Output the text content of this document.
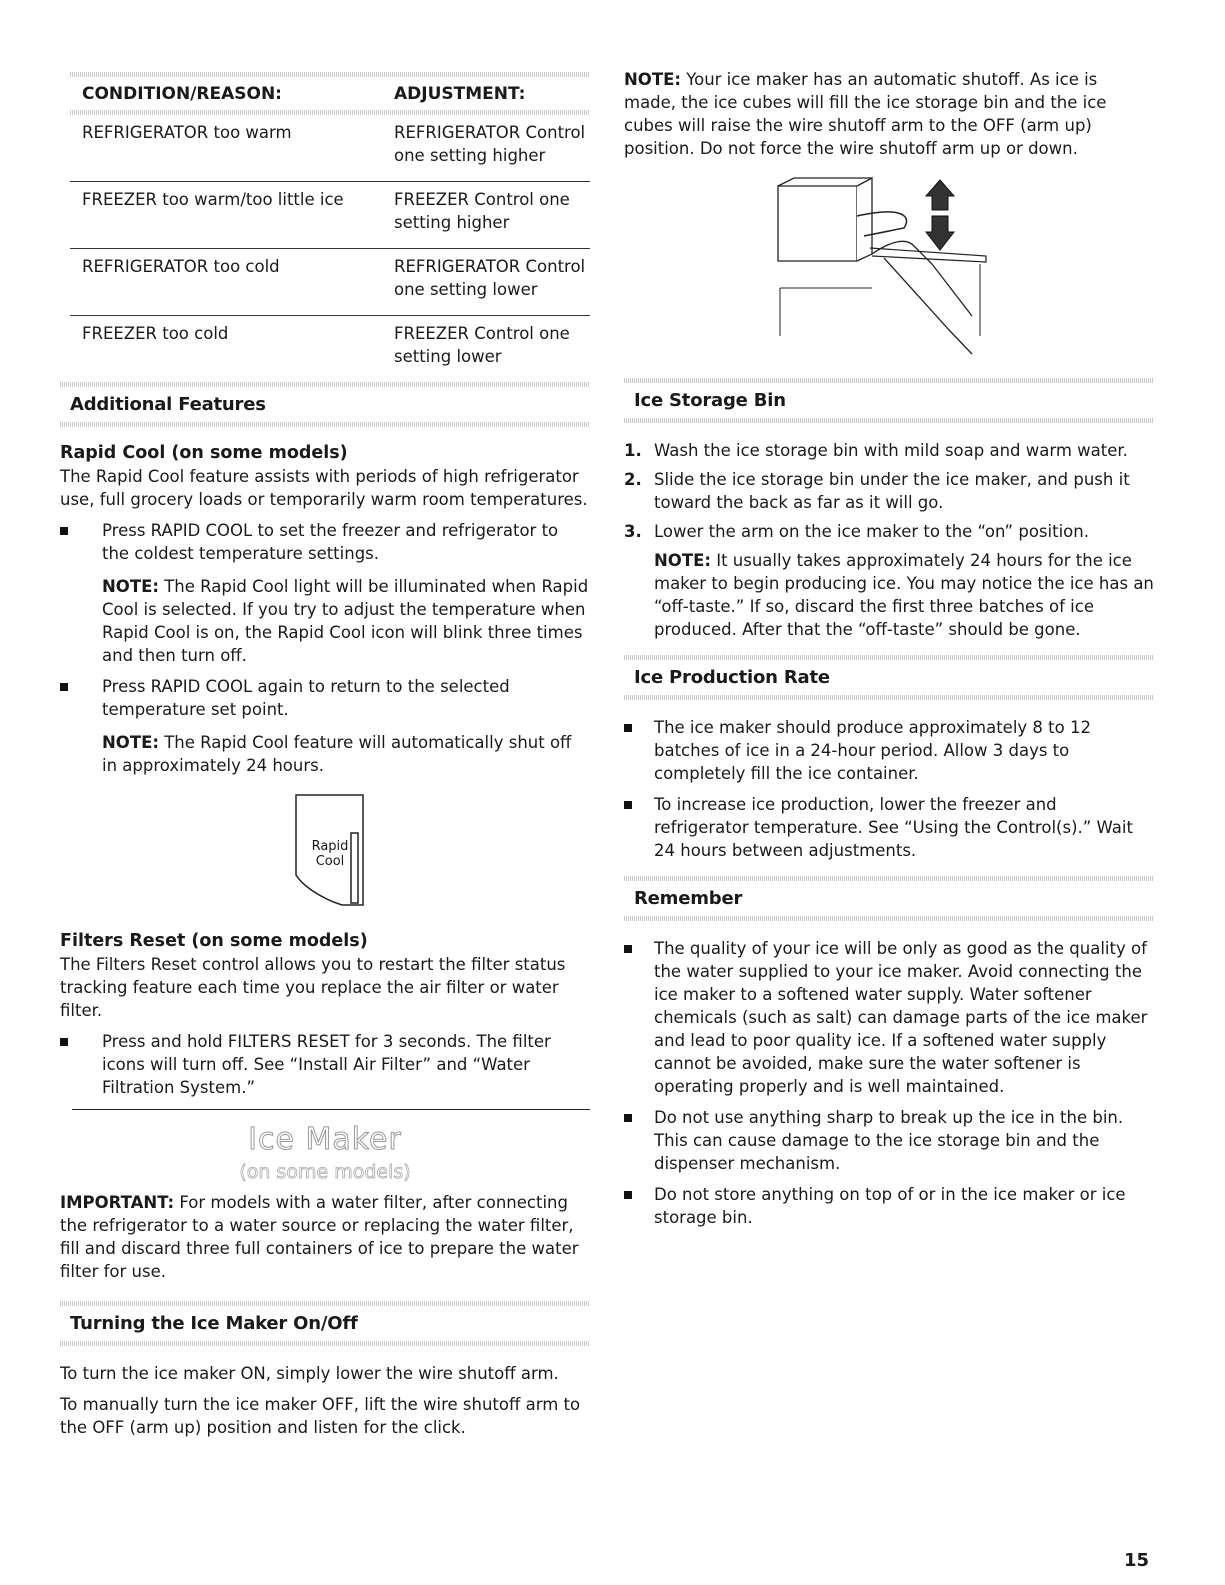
CONDITION/REASON:	ADJUSTMENT:

REFRIGERATOR too warm	REFRIGERATOR Control one setting higher
FREEZER too warm/too little ice	FREEZER Control one setting higher
REFRIGERATOR too cold	REFRIGERATOR Control one setting lower
FREEZER too cold	FREEZER Control one setting lower
Additional Features
Rapid Cool (on some models)

The Rapid Cool feature assists with periods of high refrigerator use, full grocery loads or temporarily warm room temperatures.

Press RAPID COOL to set the freezer and refrigerator to the coldest temperature settings.

NOTE: The Rapid Cool light will be illuminated when Rapid Cool is selected. If you try to adjust the temperature when Rapid Cool is on, the Rapid Cool icon will blink three times and then turn off.

Press RAPID COOL again to return to the selected temperature set point.

NOTE: The Rapid Cool feature will automatically shut off in approximately 24 hours.

Rapid
Cool
Filters Reset (on some models)

The Filters Reset control allows you to restart the filter status tracking feature each time you replace the air filter or water filter.

Press and hold FILTERS RESET for 3 seconds. The filter icons will turn off. See “Install Air Filter” and “Water Filtration System.”
Ice Maker
(on some models)

IMPORTANT: For models with a water filter, after connecting the refrigerator to a water source or replacing the water filter, fill and discard three full containers of ice to prepare the water filter for use.

Turning the Ice Maker On/Off

To turn the ice maker ON, simply lower the wire shutoff arm.

To manually turn the ice maker OFF, lift the wire shutoff arm to the OFF (arm up) position and listen for the click.

NOTE: Your ice maker has an automatic shutoff. As ice is made, the ice cubes will fill the ice storage bin and the ice cubes will raise the wire shutoff arm to the OFF (arm up) position. Do not force the wire shutoff arm up or down.

Ice Storage Bin
1. Wash the ice storage bin with mild soap and warm water.
2. Slide the ice storage bin under the ice maker, and push it toward the back as far as it will go.
3. Lower the arm on the ice maker to the “on” position.

NOTE: It usually takes approximately 24 hours for the ice maker to begin producing ice. You may notice the ice has an “off-taste.” If so, discard the first three batches of ice produced. After that the “off-taste” should be gone.

Ice Production Rate
The ice maker should produce approximately 8 to 12 batches of ice in a 24-hour period. Allow 3 days to completely fill the ice container.
To increase ice production, lower the freezer and refrigerator temperature. See “Using the Control(s).” Wait 24 hours between adjustments.
Remember
The quality of your ice will be only as good as the quality of the water supplied to your ice maker. Avoid connecting the ice maker to a softened water supply. Water softener chemicals (such as salt) can damage parts of the ice maker and lead to poor quality ice. If a softened water supply cannot be avoided, make sure the water softener is operating properly and is well maintained.
Do not use anything sharp to break up the ice in the bin. This can cause damage to the ice storage bin and the dispenser mechanism.
Do not store anything on top of or in the ice maker or ice storage bin.
15
